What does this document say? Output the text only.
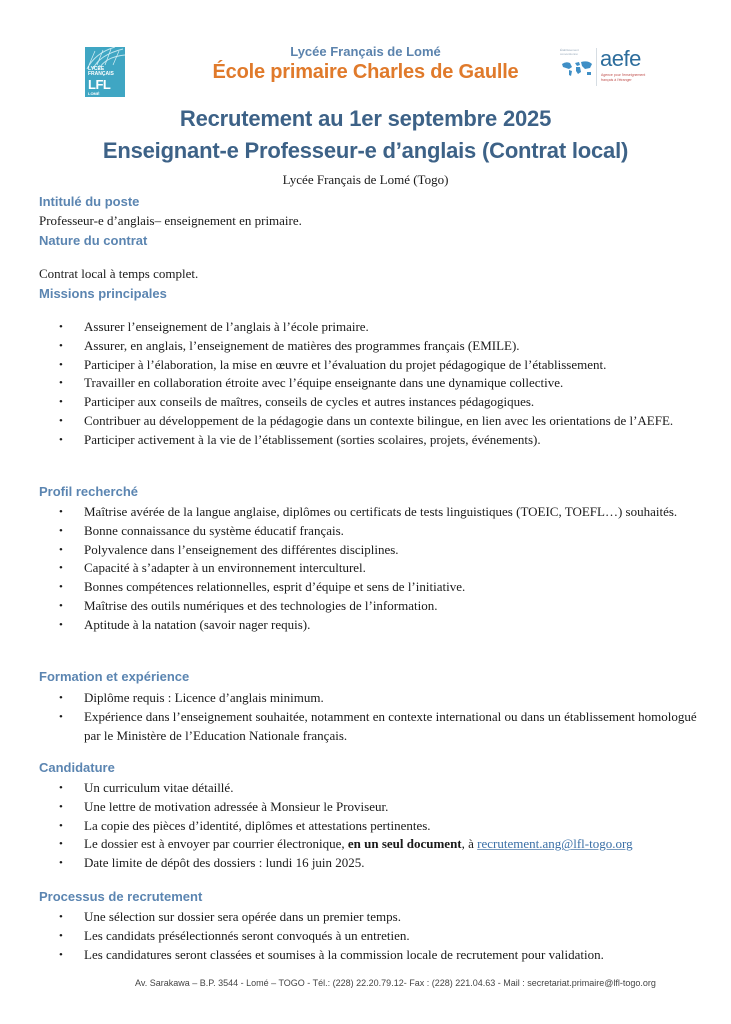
LYCÉE
FRANÇAIS
LFL
LOMÉ
Lycée Français de Lomé
École primaire Charles de Gaulle
Établissement conventionné	aefe
Agence pour l'enseignement français à l'étranger
Recrutement au 1er septembre 2025
Enseignant-e Professeur-e d’anglais (Contrat local)
Lycée Français de Lomé (Togo)
Intitulé du poste
Professeur-e d’anglais– enseignement en primaire.
Nature du contrat
Contrat local à temps complet.
Missions principales
• Assurer l’enseignement de l’anglais à l’école primaire.
• Assurer, en anglais, l’enseignement de matières des programmes français (EMILE).
• Participer à l’élaboration, la mise en œuvre et l’évaluation du projet pédagogique de l’établissement.
• Travailler en collaboration étroite avec l’équipe enseignante dans une dynamique collective.
• Participer aux conseils de maîtres, conseils de cycles et autres instances pédagogiques.
• Contribuer au développement de la pédagogie dans un contexte bilingue, en lien avec les orientations de l’AEFE.
• Participer activement à la vie de l’établissement (sorties scolaires, projets, événements).
Profil recherché
• Maîtrise avérée de la langue anglaise, diplômes ou certificats de tests linguistiques (TOEIC, TOEFL…) souhaités.
• Bonne connaissance du système éducatif français.
• Polyvalence dans l’enseignement des différentes disciplines.
• Capacité à s’adapter à un environnement interculturel.
• Bonnes compétences relationnelles, esprit d’équipe et sens de l’initiative.
• Maîtrise des outils numériques et des technologies de l’information.
• Aptitude à la natation (savoir nager requis).
Formation et expérience
• Diplôme requis : Licence d’anglais minimum.
• Expérience dans l’enseignement souhaitée, notamment en contexte international ou dans un établissement homologué par le Ministère de l’Education Nationale français.
Candidature
• Un curriculum vitae détaillé.
• Une lettre de motivation adressée à Monsieur le Proviseur.
• La copie des pièces d’identité, diplômes et attestations pertinentes.
• Le dossier est à envoyer par courrier électronique, en un seul document, à recrutement.ang@lfl-togo.org
• Date limite de dépôt des dossiers : lundi 16 juin 2025.
Processus de recrutement
• Une sélection sur dossier sera opérée dans un premier temps.
• Les candidats présélectionnés seront convoqués à un entretien.
• Les candidatures seront classées et soumises à la commission locale de recrutement pour validation.
Av. Sarakawa – B.P. 3544 - Lomé – TOGO - Tél.: (228) 22.20.79.12- Fax : (228) 221.04.63 - Mail : secretariat.primaire@lfl-togo.org
